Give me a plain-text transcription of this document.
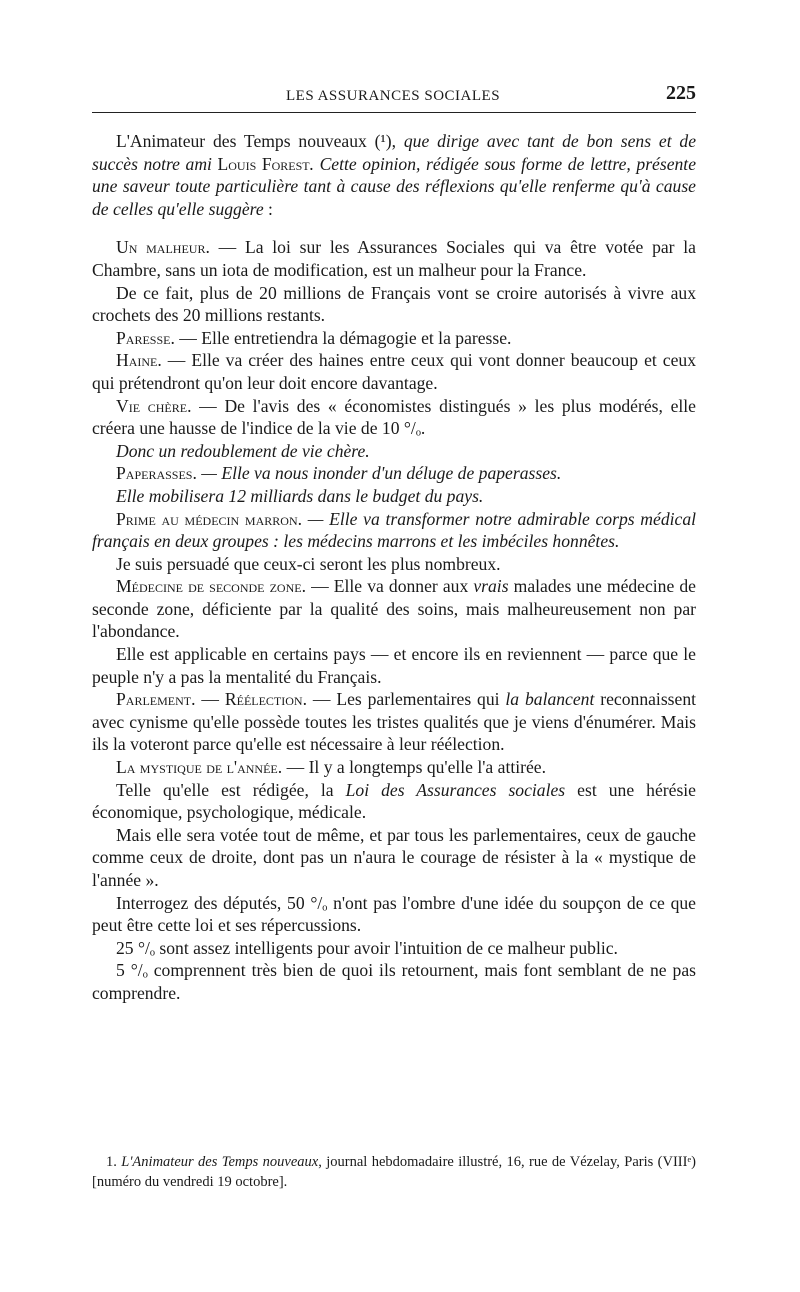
LES ASSURANCES SOCIALES	225

L'Animateur des Temps nouveaux (¹), que dirige avec tant de bon sens et de succès notre ami Louis Forest. Cette opinion, rédigée sous forme de lettre, présente une saveur toute particulière tant à cause des réflexions qu'elle renferme qu'à cause de celles qu'elle suggère :

Un malheur. — La loi sur les Assurances Sociales qui va être votée par la Chambre, sans un iota de modification, est un malheur pour la France.

De ce fait, plus de 20 millions de Français vont se croire autorisés à vivre aux crochets des 20 millions restants.

Paresse. — Elle entretiendra la démagogie et la paresse.

Haine. — Elle va créer des haines entre ceux qui vont donner beaucoup et ceux qui prétendront qu'on leur doit encore davantage.

Vie chère. — De l'avis des « économistes distingués » les plus modérés, elle créera une hausse de l'indice de la vie de 10 °/ₒ.

Donc un redoublement de vie chère.

Paperasses. — Elle va nous inonder d'un déluge de paperasses.

Elle mobilisera 12 milliards dans le budget du pays.

Prime au médecin marron. — Elle va transformer notre admirable corps médical français en deux groupes : les médecins marrons et les imbéciles honnêtes.

Je suis persuadé que ceux-ci seront les plus nombreux.

Médecine de seconde zone. — Elle va donner aux vrais malades une médecine de seconde zone, déficiente par la qualité des soins, mais malheureusement non par l'abondance.

Elle est applicable en certains pays — et encore ils en reviennent — parce que le peuple n'y a pas la mentalité du Français.

Parlement. — Réélection. — Les parlementaires qui la balancent reconnaissent avec cynisme qu'elle possède toutes les tristes qualités que je viens d'énumérer. Mais ils la voteront parce qu'elle est nécessaire à leur réélection.

La mystique de l'année. — Il y a longtemps qu'elle l'a attirée.

Telle qu'elle est rédigée, la Loi des Assurances sociales est une hérésie économique, psychologique, médicale.

Mais elle sera votée tout de même, et par tous les parlementaires, ceux de gauche comme ceux de droite, dont pas un n'aura le courage de résister à la « mystique de l'année ».

Interrogez des députés, 50 °/ₒ n'ont pas l'ombre d'une idée du soupçon de ce que peut être cette loi et ses répercussions.

25 °/ₒ sont assez intelligents pour avoir l'intuition de ce malheur public.

5 °/ₒ comprennent très bien de quoi ils retournent, mais font semblant de ne pas comprendre.

1. L'Animateur des Temps nouveaux, journal hebdomadaire illustré, 16, rue de Vézelay, Paris (VIIIᵉ) [numéro du vendredi 19 octobre].
